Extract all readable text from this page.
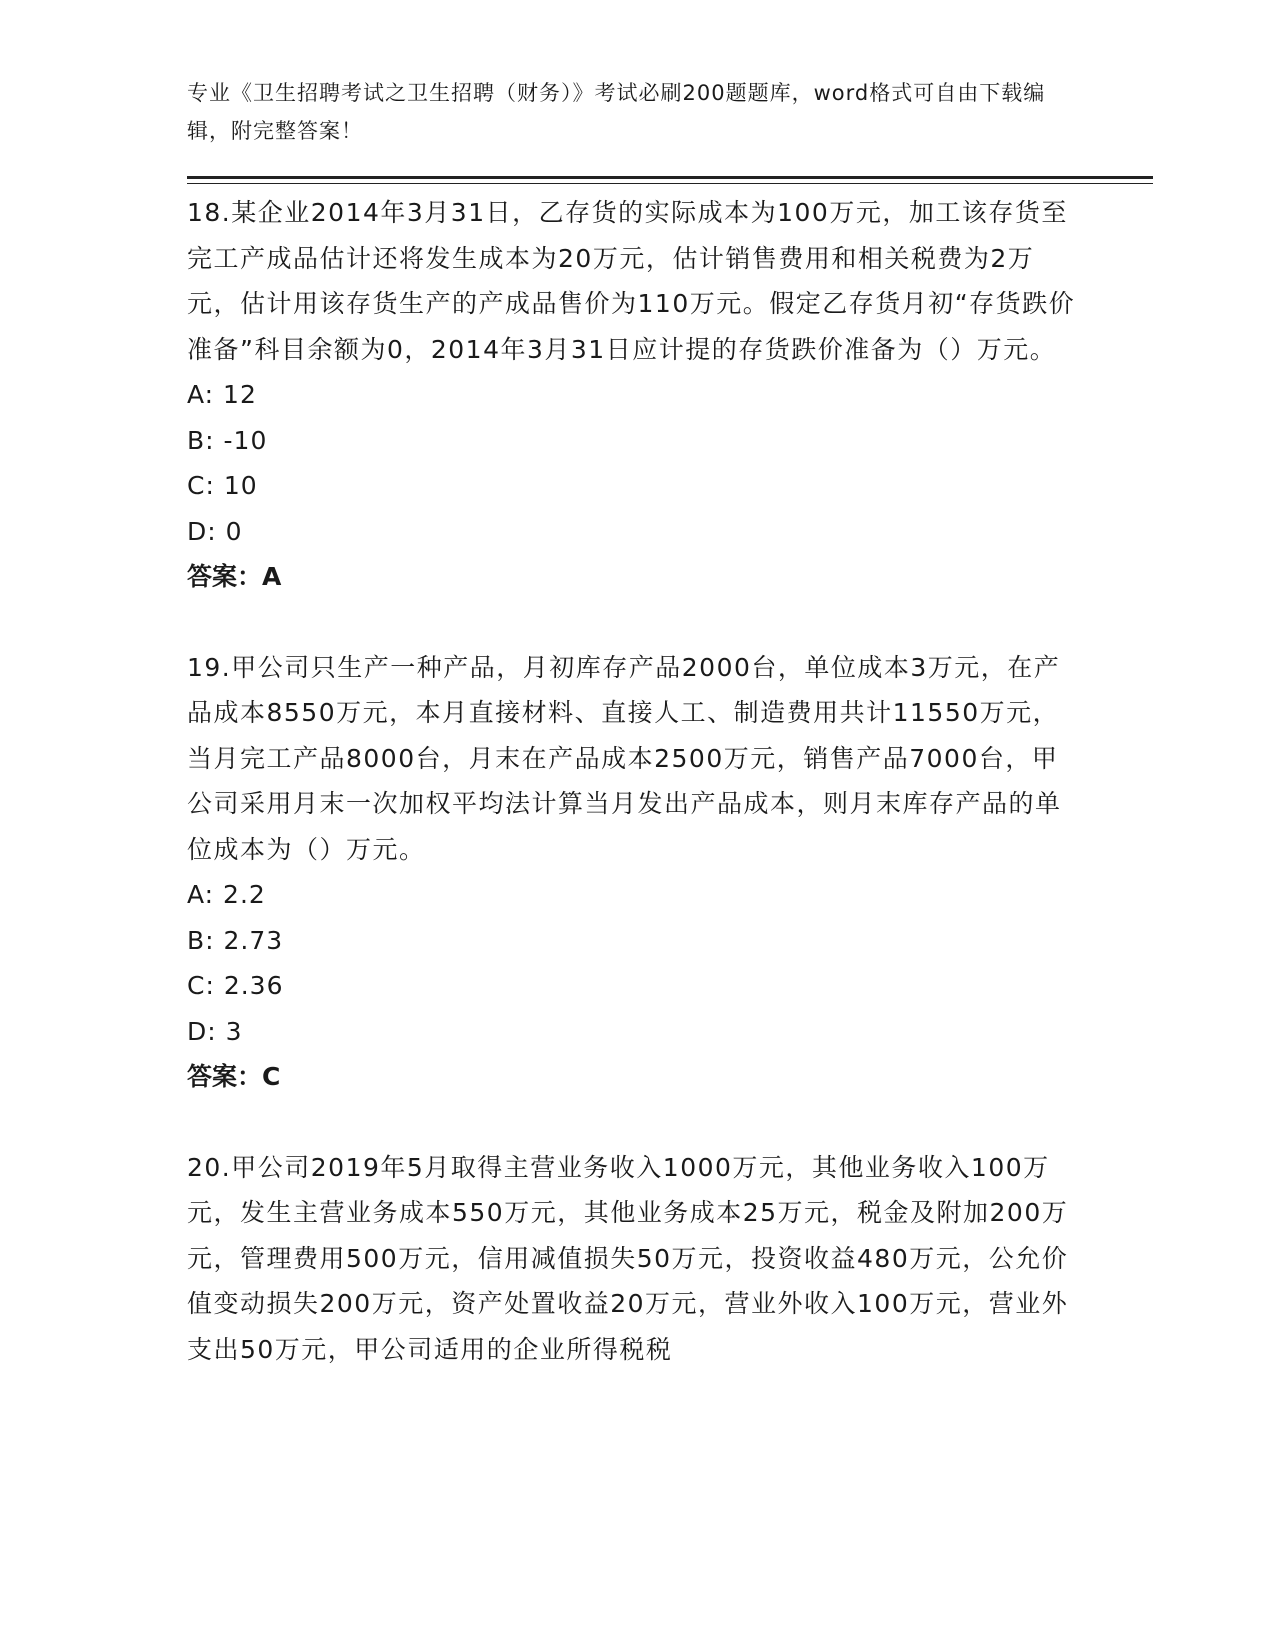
专业《卫生招聘考试之卫生招聘（财务）》考试必刷200题题库，word格式可自由下载编辑，附完整答案！
18.某企业2014年3月31日，乙存货的实际成本为100万元，加工该存货至完工产成品估计还将发生成本为20万元，估计销售费用和相关税费为2万元，估计用该存货生产的产成品售价为110万元。假定乙存货月初“存货跌价准备”科目余额为0，2014年3月31日应计提的存货跌价准备为（）万元。
A: 12
B: -10
C: 10
D: 0
答案：A
19.甲公司只生产一种产品，月初库存产品2000台，单位成本3万元，在产品成本8550万元，本月直接材料、直接人工、制造费用共计11550万元，当月完工产品8000台，月末在产品成本2500万元，销售产品7000台，甲公司采用月末一次加权平均法计算当月发出产品成本，则月末库存产品的单位成本为（）万元。
A: 2.2
B: 2.73
C: 2.36
D: 3
答案：C
20.甲公司2019年5月取得主营业务收入1000万元，其他业务收入100万元，发生主营业务成本550万元，其他业务成本25万元，税金及附加200万元，管理费用500万元，信用减值损失50万元，投资收益480万元，公允价值变动损失200万元，资产处置收益20万元，营业外收入100万元，营业外支出50万元，甲公司适用的企业所得税税
